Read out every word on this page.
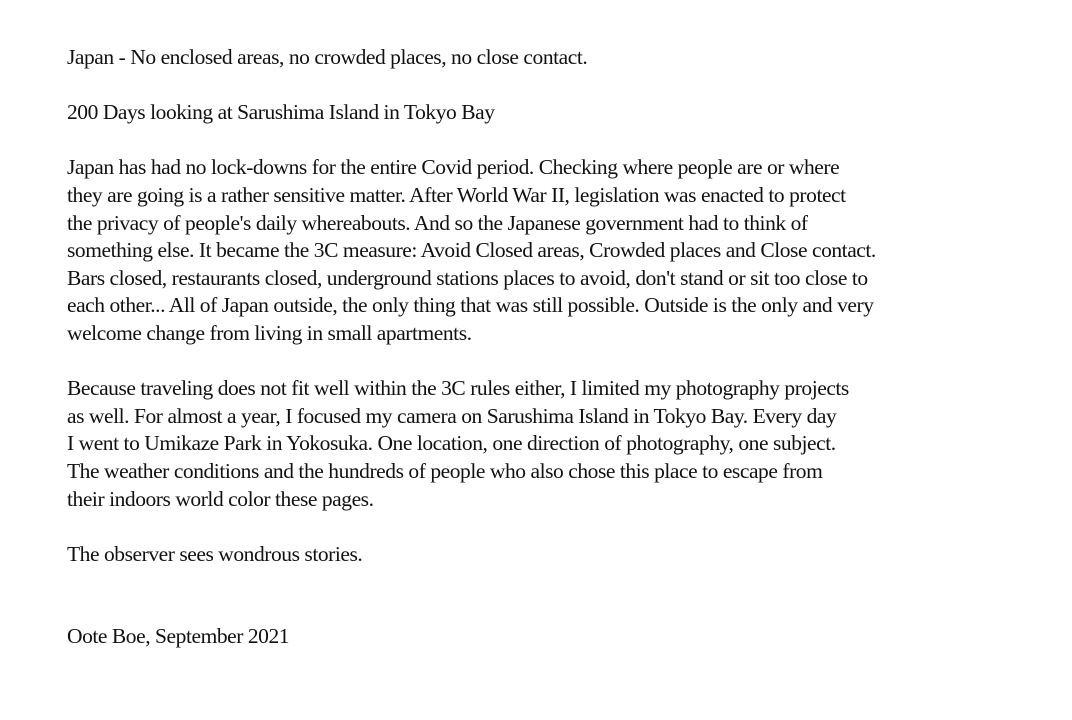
Japan - No enclosed areas, no crowded places, no close contact.
200 Days looking at Sarushima Island in Tokyo Bay
Japan has had no lock-downs for the entire Covid period. Checking where people are or where
they are going is a rather sensitive matter. After World War II, legislation was enacted to protect
the privacy of people's daily whereabouts. And so the Japanese government had to think of
something else. It became the 3C measure: Avoid Closed areas, Crowded places and Close contact.
Bars closed, restaurants closed, underground stations places to avoid, don't stand or sit too close to
each other... All of Japan outside, the only thing that was still possible. Outside is the only and very
welcome change from living in small apartments.
Because traveling does not fit well within the 3C rules either, I limited my photography projects
as well. For almost a year, I focused my camera on Sarushima Island in Tokyo Bay. Every day
I went to Umikaze Park in Yokosuka. One location, one direction of photography, one subject.
The weather conditions and the hundreds of people who also chose this place to escape from
their indoors world color these pages.
The observer sees wondrous stories.
Oote Boe, September 2021
